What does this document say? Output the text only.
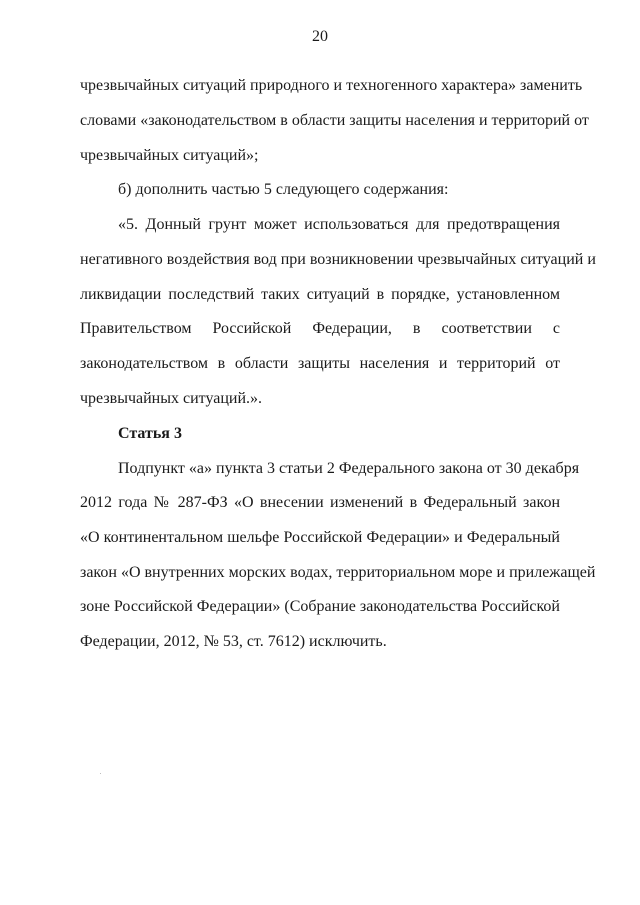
20
чрезвычайных ситуаций природного и техногенного характера» заменить
словами «законодательством в области защиты населения и территорий от
чрезвычайных ситуаций»;
б) дополнить частью 5 следующего содержания:
«5. Донный грунт может использоваться для предотвращения
негативного воздействия вод при возникновении чрезвычайных ситуаций и
ликвидации последствий таких ситуаций в порядке, установленном
Правительством Российской Федерации, в соответствии с
законодательством в области защиты населения и территорий от
чрезвычайных ситуаций.».
Статья 3
Подпункт «а» пункта 3 статьи 2 Федерального закона от 30 декабря
2012 года № 287-ФЗ «О внесении изменений в Федеральный закон
«О континентальном шельфе Российской Федерации» и Федеральный
закон «О внутренних морских водах, территориальном море и прилежащей
зоне Российской Федерации» (Собрание законодательства Российской
Федерации, 2012, № 53, ст. 7612) исключить.
